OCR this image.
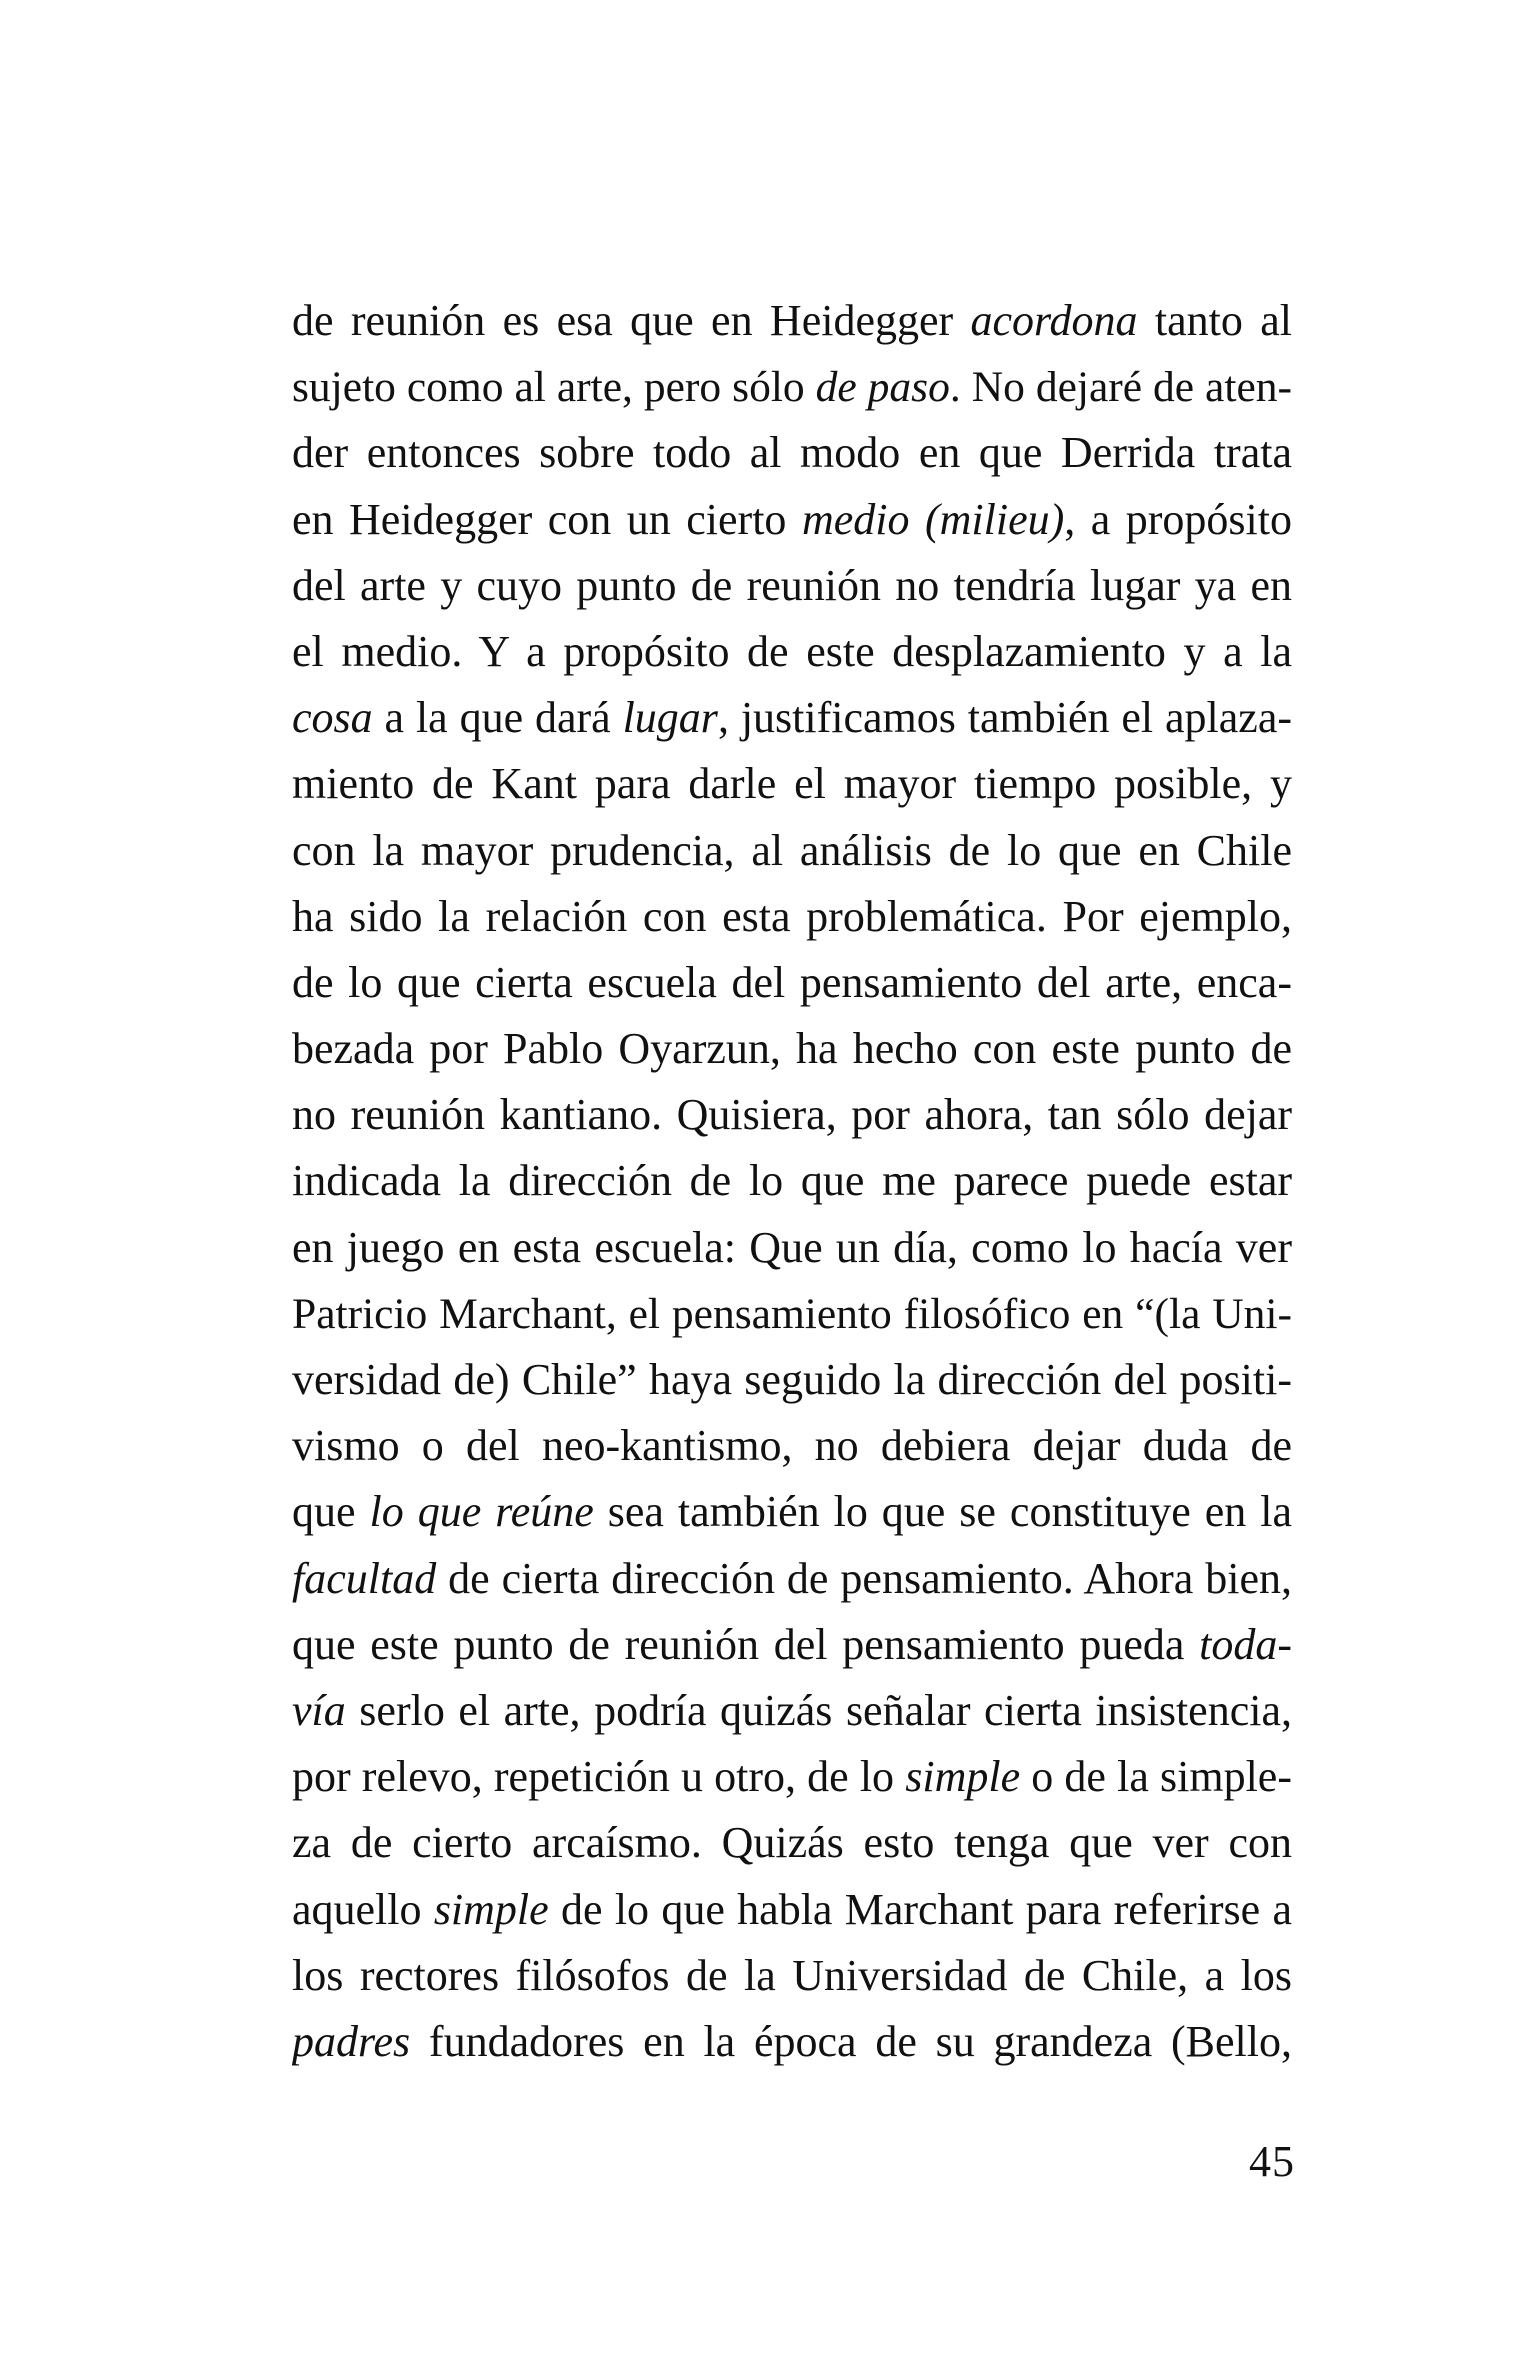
de reunión es esa que en Heidegger acordona tanto al
sujeto como al arte, pero sólo de paso. No dejaré de aten-
der entonces sobre todo al modo en que Derrida trata
en Heidegger con un cierto medio (milieu), a propósito
del arte y cuyo punto de reunión no tendría lugar ya en
el medio. Y a propósito de este desplazamiento y a la
cosa a la que dará lugar, justificamos también el aplaza-
miento de Kant para darle el mayor tiempo posible, y
con la mayor prudencia, al análisis de lo que en Chile
ha sido la relación con esta problemática. Por ejemplo,
de lo que cierta escuela del pensamiento del arte, enca-
bezada por Pablo Oyarzun, ha hecho con este punto de
no reunión kantiano. Quisiera, por ahora, tan sólo dejar
indicada la dirección de lo que me parece puede estar
en juego en esta escuela: Que un día, como lo hacía ver
Patricio Marchant, el pensamiento filosófico en “(la Uni-
versidad de) Chile” haya seguido la dirección del positi-
vismo o del neo-kantismo, no debiera dejar duda de
que lo que reúne sea también lo que se constituye en la
facultad de cierta dirección de pensamiento. Ahora bien,
que este punto de reunión del pensamiento pueda toda-
vía serlo el arte, podría quizás señalar cierta insistencia,
por relevo, repetición u otro, de lo simple o de la simple-
za de cierto arcaísmo. Quizás esto tenga que ver con
aquello simple de lo que habla Marchant para referirse a
los rectores filósofos de la Universidad de Chile, a los
padres fundadores en la época de su grandeza (Bello,
45
